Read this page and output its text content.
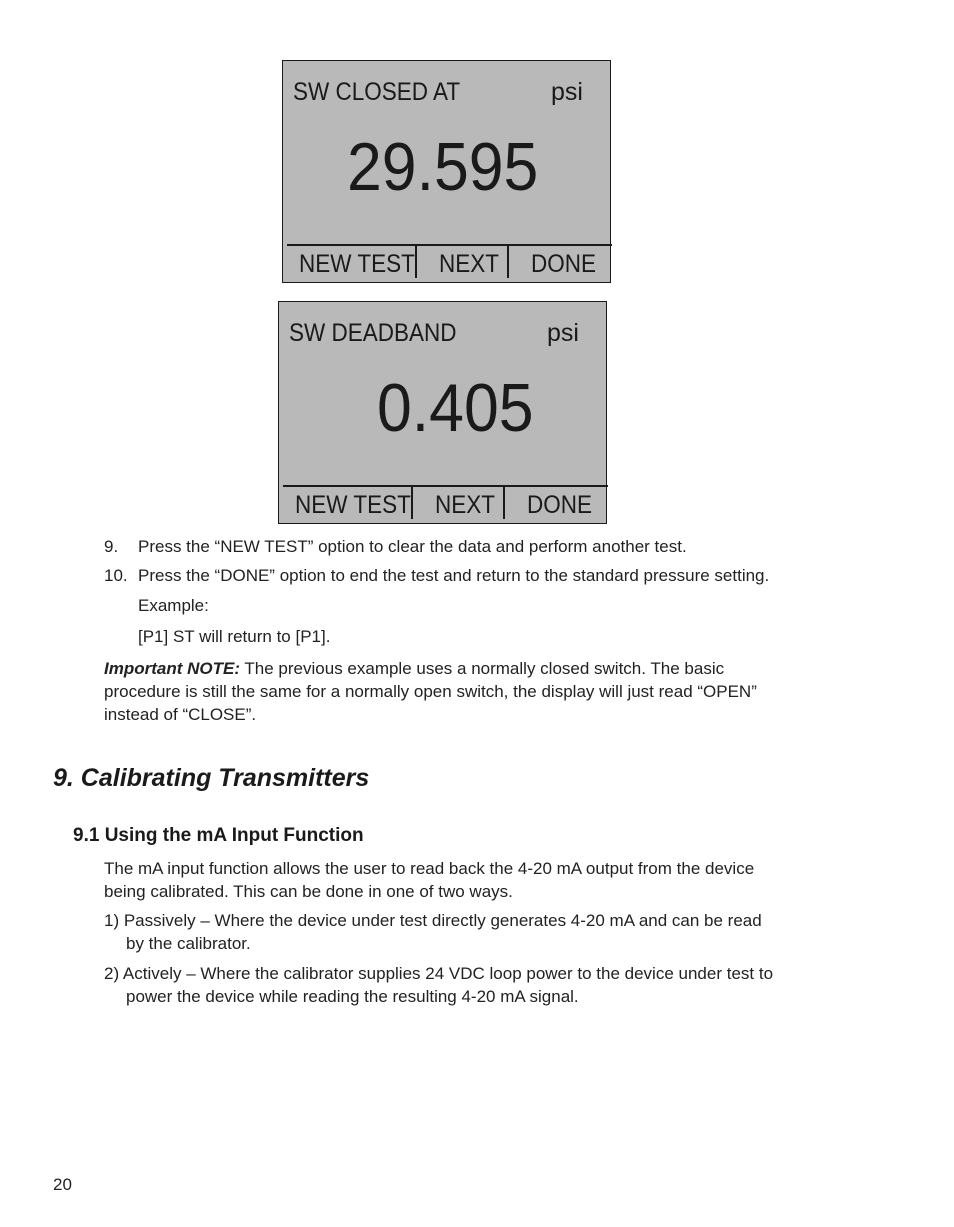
SW CLOSED AT	psi
29.595
NEW TEST NEXT DONE
SW DEADBAND	psi
0.405
NEW TEST NEXT DONE
9. Press the “NEW TEST” option to clear the data and perform another test.
10. Press the “DONE” option to end the test and return to the standard pressure setting.
Example:
[P1] ST will return to [P1].
Important NOTE: The previous example uses a normally closed switch. The basic
procedure is still the same for a normally open switch, the display will just read “OPEN”
instead of “CLOSE”.
9. Calibrating Transmitters
9.1 Using the mA Input Function
The mA input function allows the user to read back the 4-20 mA output from the device
being calibrated. This can be done in one of two ways.
1) Passively – Where the device under test directly generates 4-20 mA and can be read
by the calibrator.
2) Actively – Where the calibrator supplies 24 VDC loop power to the device under test to
power the device while reading the resulting 4-20 mA signal.
20
